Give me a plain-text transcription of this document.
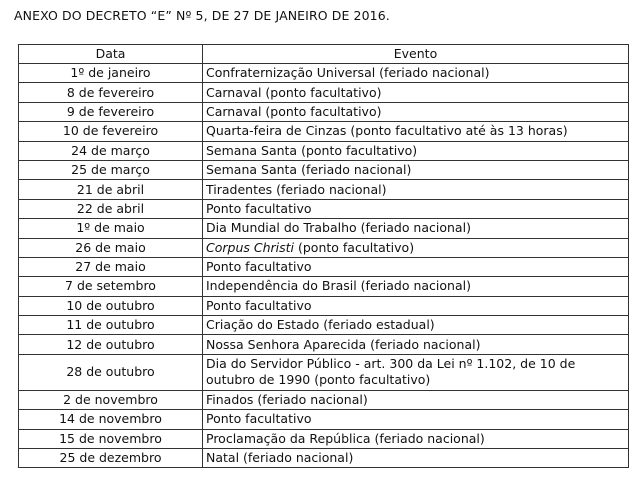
ANEXO DO DECRETO “E” Nº 5, DE 27 DE JANEIRO DE 2016.
Data	Evento
1º de janeiro	Confraternização Universal (feriado nacional)
8 de fevereiro	Carnaval (ponto facultativo)
9 de fevereiro	Carnaval (ponto facultativo)
10 de fevereiro	Quarta-feira de Cinzas (ponto facultativo até às 13 horas)
24 de março	Semana Santa (ponto facultativo)
25 de março	Semana Santa (feriado nacional)
21 de abril	Tiradentes (feriado nacional)
22 de abril	Ponto facultativo
1º de maio	Dia Mundial do Trabalho (feriado nacional)
26 de maio	Corpus Christi (ponto facultativo)
27 de maio	Ponto facultativo
7 de setembro	Independência do Brasil (feriado nacional)
10 de outubro	Ponto facultativo
11 de outubro	Criação do Estado (feriado estadual)
12 de outubro	Nossa Senhora Aparecida (feriado nacional)
28 de outubro	Dia do Servidor Público - art. 300 da Lei nº 1.102, de 10 de outubro de 1990 (ponto facultativo)
2 de novembro	Finados (feriado nacional)
14 de novembro	Ponto facultativo
15 de novembro	Proclamação da República (feriado nacional)
25 de dezembro	Natal (feriado nacional)
